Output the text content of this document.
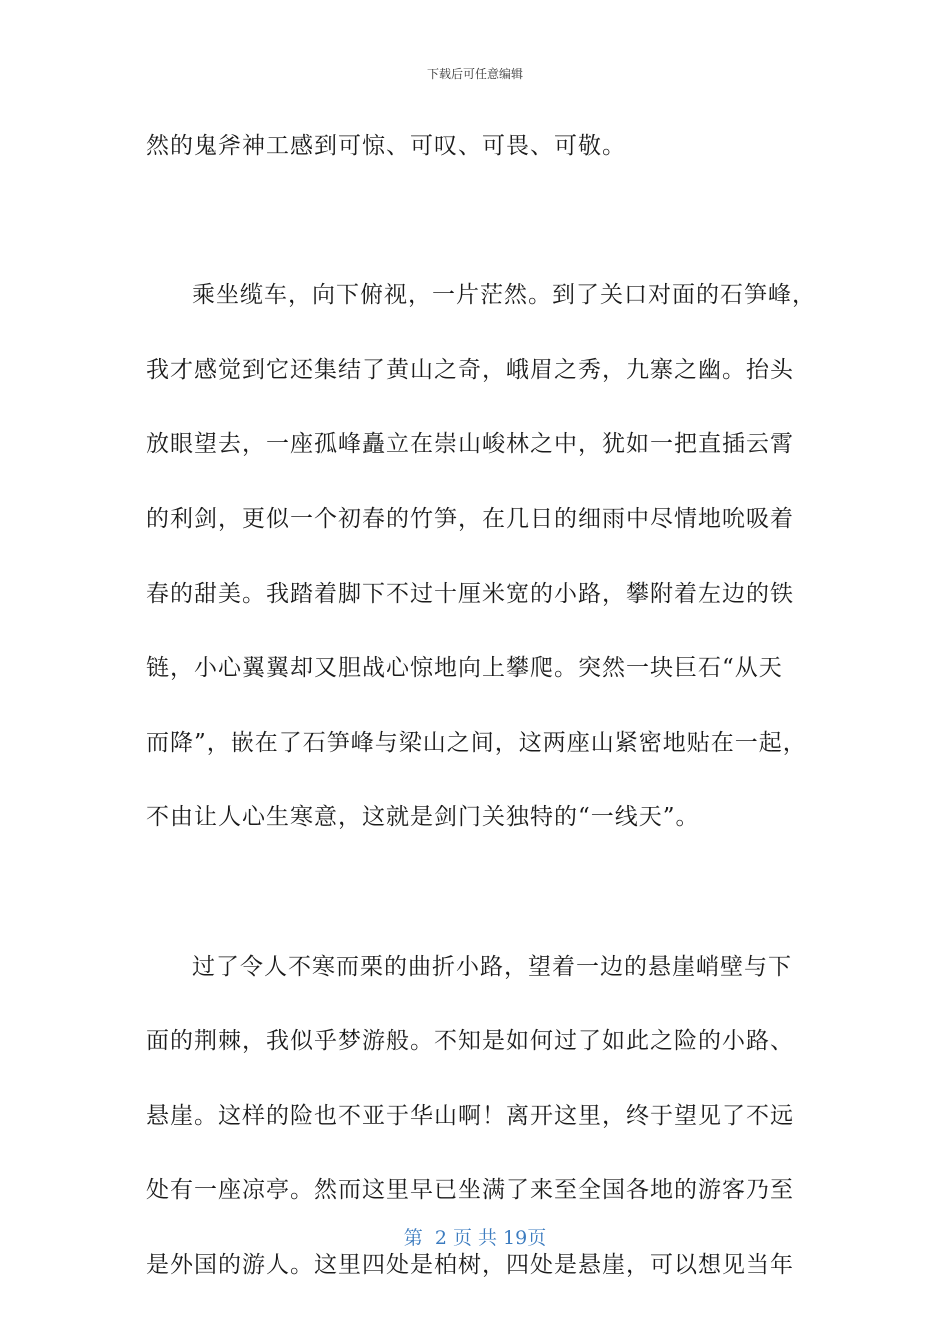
下载后可任意编辑
然的鬼斧神工感到可惊、可叹、可畏、可敬。
乘坐缆车，向下俯视，一片茫然。到了关口对面的石笋峰，
我才感觉到它还集结了黄山之奇，峨眉之秀，九寨之幽。抬头
放眼望去，一座孤峰矗立在崇山峻林之中，犹如一把直插云霄
的利剑，更似一个初春的竹笋，在几日的细雨中尽情地吮吸着
春的甜美。我踏着脚下不过十厘米宽的小路，攀附着左边的铁
链，小心翼翼却又胆战心惊地向上攀爬。突然一块巨石“从天
而降”，嵌在了石笋峰与梁山之间，这两座山紧密地贴在一起，
不由让人心生寒意，这就是剑门关独特的“一线天”。
过了令人不寒而栗的曲折小路，望着一边的悬崖峭壁与下
面的荆棘，我似乎梦游般。不知是如何过了如此之险的小路、
悬崖。这样的险也不亚于华山啊！离开这里，终于望见了不远
处有一座凉亭。然而这里早已坐满了来至全国各地的游客乃至
是外国的游人。这里四处是柏树，四处是悬崖，可以想见当年
第  2 页 共 19页
